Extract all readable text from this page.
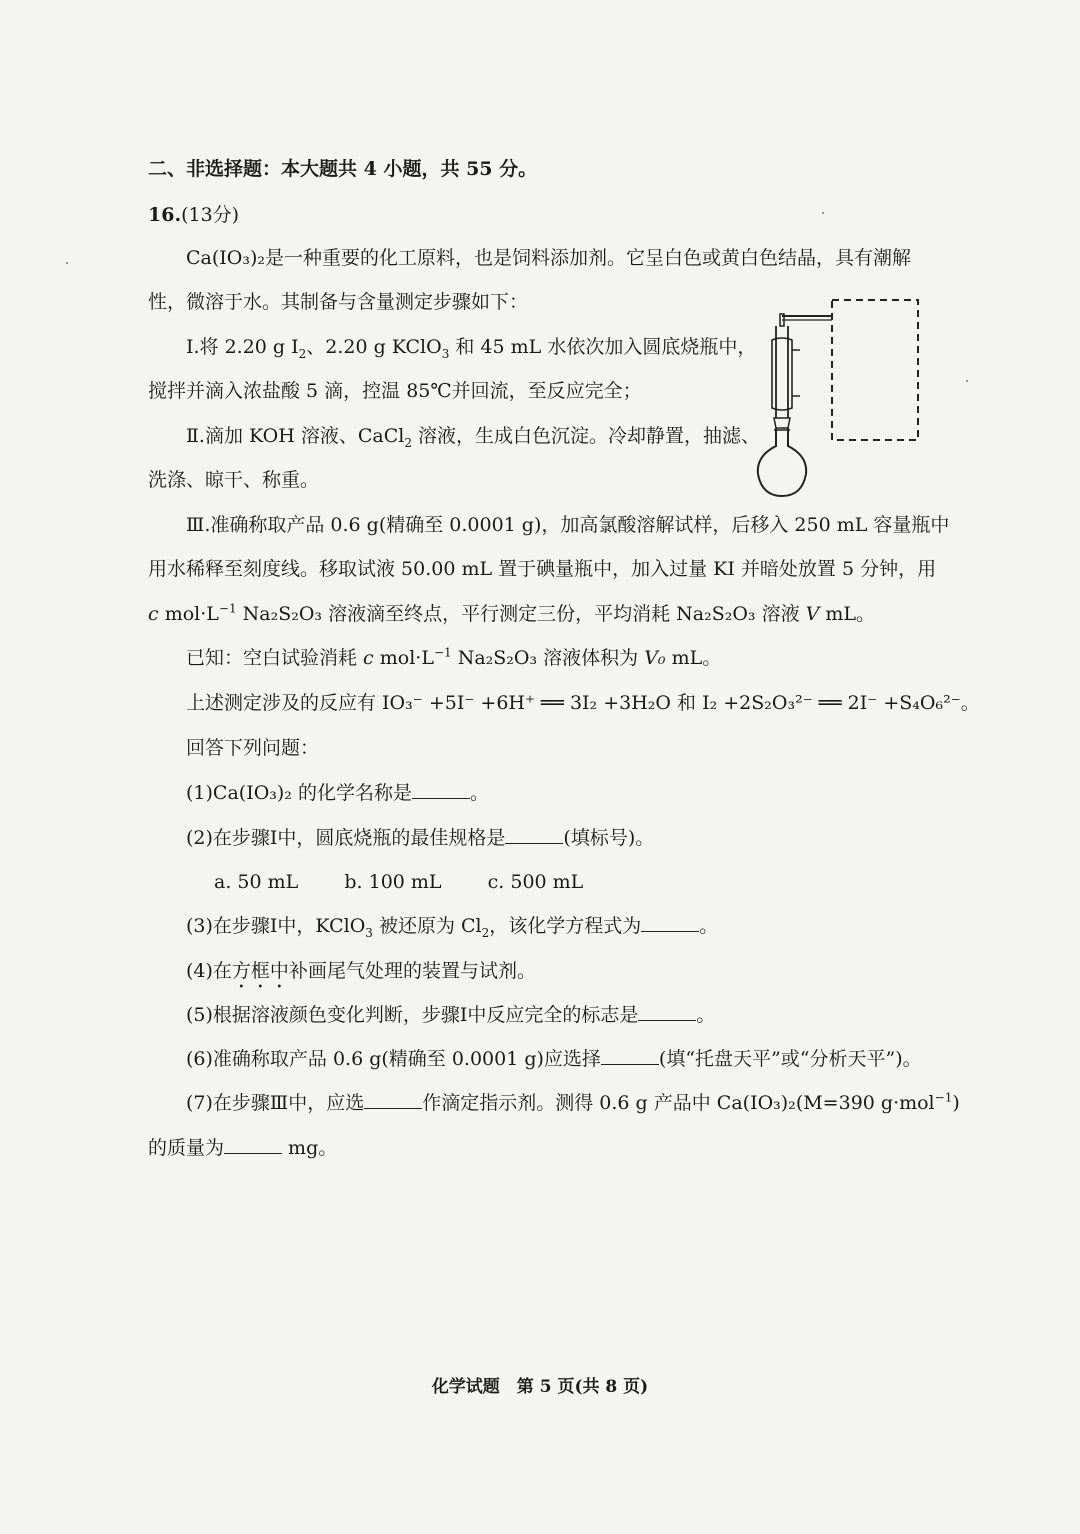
二、非选择题：本大题共 4 小题，共 55 分。
16.(13分)
Ca(IO₃)₂是一种重要的化工原料，也是饲料添加剂。它呈白色或黄白色结晶，具有潮解
性，微溶于水。其制备与含量测定步骤如下：
Ⅰ.将 2.20 g $I_2$、2.20 g KClO$_3$ 和 45 mL 水依次加入圆底烧瓶中，
搅拌并滴入浓盐酸 5 滴，控温 85℃并回流，至反应完全；
Ⅱ.滴加 KOH 溶液、CaCl$_2$ 溶液，生成白色沉淀。冷却静置，抽滤、
洗涤、晾干、称重。
Ⅲ.准确称取产品 0.6 g(精确至 0.0001 g)，加高氯酸溶解试样，后移入 250 mL 容量瓶中
用水稀释至刻度线。移取试液 50.00 mL 置于碘量瓶中，加入过量 KI 并暗处放置 5 分钟，用
c $mol\cdot L^{-1}$ Na₂S₂O₃ 溶液滴至终点，平行测定三份，平均消耗 Na₂S₂O₃ 溶液 V mL。
已知：空白试验消耗 c $mol\cdot L^{-1}$ Na₂S₂O₃ 溶液体积为 V₀ mL。
上述测定涉及的反应有 IO₃⁻ +5I⁻ +6H⁺ ══ 3I₂ +3H₂O 和 I₂ +2S₂O₃²⁻ ══ 2I⁻ +S₄O₆²⁻。
回答下列问题：
(1)Ca(IO₃)₂ 的化学名称是	。
(2)在步骤Ⅰ中，圆底烧瓶的最佳规格是	(填标号)。
a. 50 mL b. 100 mL c. 500 mL
(3)在步骤Ⅰ中，KClO$_3$ 被还原为 $Cl_2$，该化学方程式为	。
(4)在方框中补画尾气处理的装置与试剂。
(5)根据溶液颜色变化判断，步骤Ⅰ中反应完全的标志是	。
(6)准确称取产品 0.6 g(精确至 0.0001 g)应选择	(填“托盘天平”或“分析天平”)。
(7)在步骤Ⅲ中，应选	作滴定指示剂。测得 0.6 g 产品中 Ca(IO₃)₂(M=390 g·mol$^{-1}$)
的质量为	mg。
化学试题　第 5 页(共 8 页)
